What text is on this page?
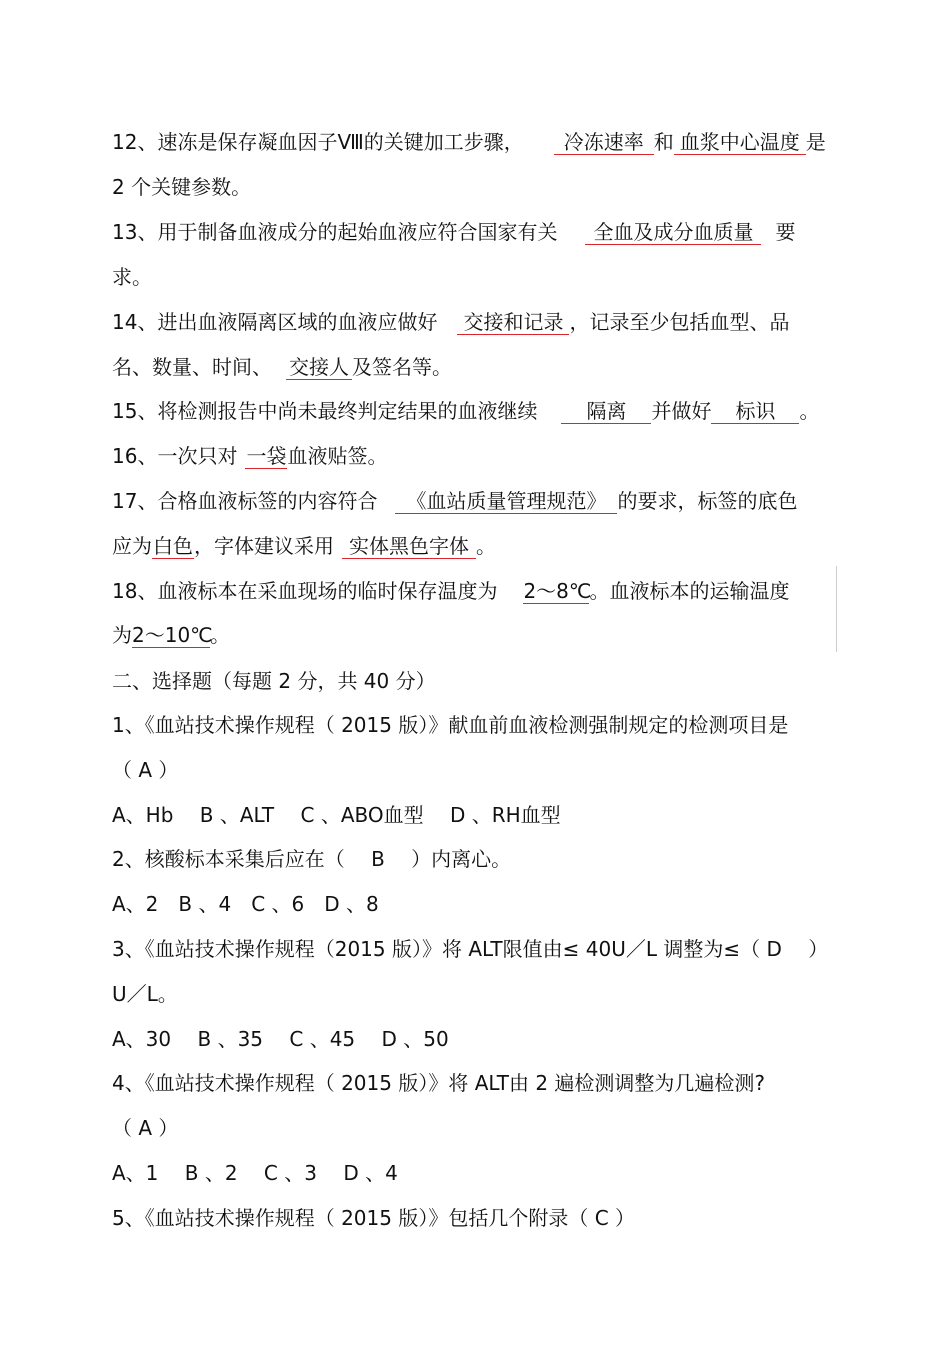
12、速冻是保存凝血因子Ⅷ的关键加工步骤， 冷冻速率 和 血浆中心温度 是
2 个关键参数。
13、用于制备血液成分的起始血液应符合国家有关 全血及成分血质量 要
求。
14、进出血液隔离区域的血液应做好 交接和记录 ，记录至少包括血型、品
名、数量、时间、 交接人 及签名等。
15、将检测报告中尚未最终判定结果的血液继续 隔离 并做好 标识 。
16、一次只对 一袋血液贴签。
17、合格血液标签的内容符合 《血站质量管理规范》 的要求，标签的底色
应为白色，字体建议采用 实体黑色字体 。
18、血液标本在采血现场的临时保存温度为 2～8℃。血液标本的运输温度
为2～10℃。
二、选择题（每题 2 分，共 40 分）
1、《血站技术操作规程（ 2015 版）》献血前血液检测强制规定的检测项目是
（ A ）
A、Hb　 B 、ALT　 C 、ABO血型　 D 、RH血型
2、核酸标本采集后应在（　 B　 ）内离心。
A、2　B 、4　C 、6　D 、8
3、《血站技术操作规程（2015 版）》将 ALT限值由≤ 40U／L 调整为≤（ D　 ）
U／L。
A、30　 B 、35　 C 、45　 D 、50
4、《血站技术操作规程（ 2015 版）》将 ALT由 2 遍检测调整为几遍检测?
（ A ）
A、1　 B 、2　 C 、3　 D 、4
5、《血站技术操作规程（ 2015 版）》包括几个附录（ C ）
